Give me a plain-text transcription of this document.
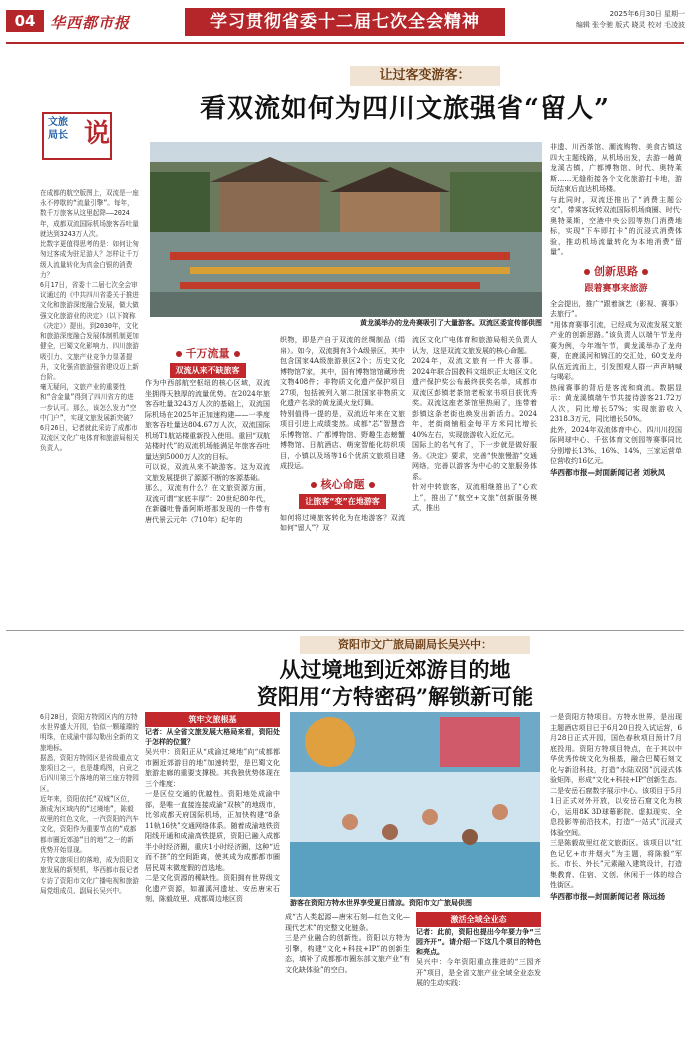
04 华西都市报	学习贯彻省委十二届七次全会精神	2025年6月30日 星期一
编辑 张令驰 版式 晓灵 校对 毛凌波
让过客变游客：
看双流如何为四川文旅强省“留人”
文旅
局长 说
黄龙溪举办的龙舟赛吸引了大量游客。双流区委宣传部供图

在成都的航空版图上，双流是一座永不停歇的“流量引擎”。每年，数千万旅客从这里起降——2024年，成都双流国际机场旅客吞吐量就达到3243万人次。

比数字更值得思考的是：如何让匆匆过客成为驻足游人？怎样让千万级人流量转化为真金白银的消费力？

6月17日，省委十二届七次全会审议通过的《中共四川省委关于推进文化和旅游深度融合发展，做大做强文化旅游业的决定》（以下简称《决定》）提出，到2030年，文化和旅游深度融合发展体制机制更加健全，巴蜀文化影响力、四川旅游吸引力、文旅产业竞争力显著提升，文化强省旅游强省建设迈上新台阶。

毫无疑问，文旅产业的重要性和“含金量”得到了四川省方的进一步认可。那么，该怎么发力“空中门户”，实现文旅发展新突破？6月26日，记者就此采访了成都市双流区文化广电体育和旅游局相关负责人。

千万流量
双流从来不缺旅客

作为中西部航空枢纽的核心区域，双流坐拥得天独厚的流量优势。在2024年旅客吞吐量3243万人次的基础上，双流国际机场在2025年正加速构建——一季度旅客吞吐量达804.67万人次，双流国际机场T1航站楼重新投入使用。重回“双航站楼时代”的双流机场能满足年旅客吞吐量达到5000万人次的目标。

可以说，双流从来不缺游客。这为双流文旅发展提供了源源不断的客源基础。

那么，双流有什么？在文旅资源方面，双流可谓“家底丰厚”：20世纪80年代，在新疆吐鲁番阿斯塔那发现的一件带有唐代景云元年（710年）纪年的

织物，即是产自于双流的丝绸制品（绢帛）。如今，双流拥有3个A级景区，其中包含国家4A级旅游景区2个；历史文化博物馆7家，其中，国有博物馆馆藏珍贵文物408件；非物质文化遗产保护项目27项，包括被列入第二批国家非物质文化遗产名录的黄龙溪火龙灯舞。

特别值得一提的是，双流近年来在文旅项目引进上成绩斐然。成都“芯”智慧音乐博物馆、广都博物馆、野趣生态螃蟹博物馆、日航酒店、萌宠智能化纺织项目，小镇以及场等16个优质文旅项目建成投运。

核心命题
让旅客“变”在地游客

如何将过境旅客转化为在地游客？双流如何“留人”？双

流区文化广电体育和旅游局相关负责人认为，这是双流文旅发展的核心命题。

2024年，双流文旅有一件大喜事。2024年联合国教科文组织正太地区文化遗产保护奖公布最终获奖名单，成都市双流区彭镇老茶馆老板家书项目获优秀奖。双流这座老茶馆里热闹了，连带着彭镇这条老街也焕发出新活力。2024年，老街商铺租金每平方米同比增长40%左右，实现旅游收入近亿元。

国际上的名气有了，下一步就是做好服务。《决定》要求，完善“快旅慢游”交通网络，完善以游客为中心的文旅服务体系。

针对中转旅客，双流相继推出了“心欢上”，推出了“航空+文旅”创新服务模式，推出

非遗、川西茶馆、潮流购物、美食古镇这四大主题线路，从机场出发，去游一趟黄龙溪古镇，广都博物馆、时代、奥特莱斯……无缝衔接各个文化旅游打卡地，游玩结束后直达机场楼。

与此同时，双流还推出了“消费主题公交”，带乘客玩转双流国际机场商圈、时代·奥特莱斯，空港中央公园等热门消费地标，实现“下车即打卡”的沉浸式消费体验，推动机场流量转化为本地消费“留量”。

创新思路
跟着赛事来旅游

全会提出，推广“跟着演艺（影视、赛事）去旅行”。

“用体育赛事引流，已经成为双流发展文旅产业的创新思路。”该负责人以端午节龙舟赛为例，今年端午节，黄龙溪举办了龙舟赛，在鹿溪河和锦江的交汇处，60支龙舟队伍近流而上，引发围观人群一声声呐喊与喝彩。

热闹赛事的背后是客流和商流。数据显示：黄龙溪镇端午节共接待游客21.72万人次，同比增长57%；实现旅游收入2318.3万元，同比增长50%。

此外，2024年双流体育中心、四川川投国际网球中心、千弦体育文创园等赛事同比分别增长13%、16%、14%，三家运营单位营收约16亿元。

华西都市报—封面新闻记者 刘秋凤

资阳市文广旅局副局长吴兴中：
从过境地到近郊游目的地
资阳用“方特密码”解锁新可能

6月28日，资阳方特园区内的方特水世界盛大开园，恰似一颗璀璨的明珠，在成渝中部勾勒出全新的文旅地标。

据悉，资阳方特园区是省级重点文旅项目之一，也是雄鸡图，自贡之后四川第三个落地的第三座方特园区。

近年来，资阳依托“双城”区位，渐成为区域内的“过境地”，陈毅故里的红色文化，一汽资阳的汽车文化，资阳作为重要节点的“成都都市圈近郊游”目的地”之一的新优势开始显现。

方特文旅项目的落地，成为资阳文旅发展的新契机，华西都市报记者专访了资阳市文化广播电视和旅游局党组成员、副局长吴兴中。

筑牢文旅根基

记者：从全省文旅发展大格局来看，资阳处于怎样的位置？

吴兴中：资阳正从“成渝过境地”向“成都都市圈近郊游目的地”加速转型，是巴蜀文化旅游走廊的重要支撑极。其我独优势体现在三个维度：

一是区位交通的优越性。资阳地处成渝中部，是唯一直接连接成渝“双核”的地级市，比邻成都天府国际机场，正加快构建“8条11轨16快”交通网络体系。随着成渝地铁资阳线开通和成渝高铁提质，资阳已融入成都半小时经济圈，重庆1小时经济圈，这种“近而不挤”的空间距离，使其成为成都都市圈居民周末微度假的首选地。

二是文化资源的稀缺性。资阳拥有世界级文化遗产资源，如濯溪河遗址、安岳唐宋石刻、陈毅故里、成都周边地区资	游客在资阳方特水世界享受夏日清凉。资阳市文广旅局供图

成“古人类起源—唐宋石刻—红色文化—现代艺术”的完整文化链条。

三是产业融合的创新性。资阳以方特为引擎，构建“文化+科技+IP”的创新生态，填补了成都都市圈东部文旅产业“有文化缺体验”的空白。

激活全域全业态

记者：此前，资阳也提出今年要力争“三园齐开”。请介绍一下这几个项目的特色和亮点。

吴兴中：今年资阳重点推进的“三园齐开”项目，是全省文旅产业全域全业态发展的生动实践：

一是资阳方特项目。方特水世界，是出现主题酒店项目已于6月20日投入试运营，6月28日正式开园，国色春秋项目预计7月底投用。资阳方特项目特点，在于其以中华优秀传统文化为根基，融合巴蜀石刻文化与新沿科技，打造“水陆双园”沉浸式体验矩阵，形成“文化+科技+IP”创新生态。

二是安岳石窟数字展示中心。该项目于5月1日正式对外开放，以安岳石窟文化为核心，运用8K 3D球幕影院、虚拟现实、全息投影等前沿技术，打造“一站式”沉浸式体验空间。

三是陈毅故里红花文旅街区。该项目以“红色记忆+市井烟火”为主题，将陈毅“军长、市长、外长”元素融入建筑设计，打造集教育、住宿、文创、休闲于一体的综合性街区。

华西都市报—封面新闻记者 陈远扬
